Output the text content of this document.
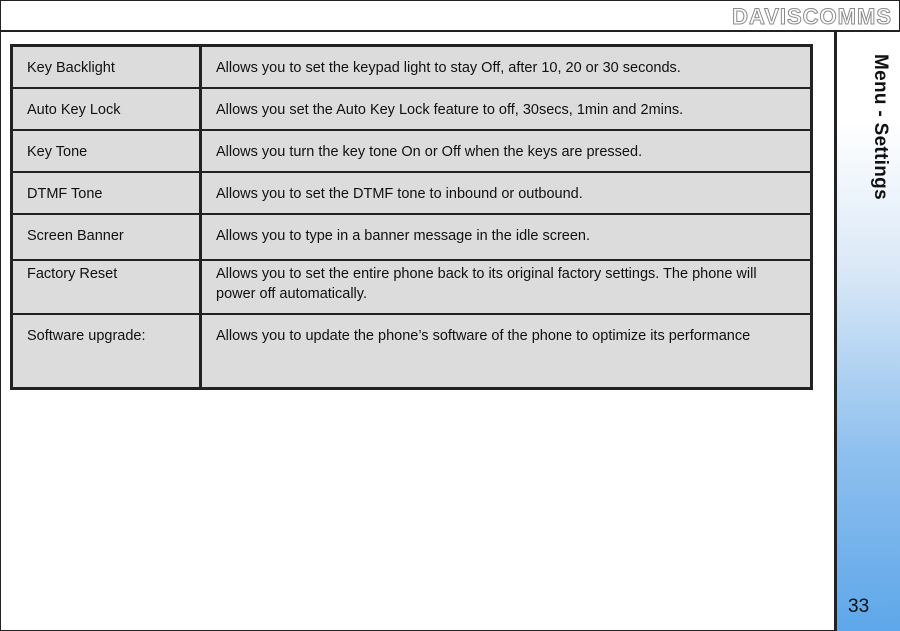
DAVISCOMMS
Menu - Settings
33
Key Backlight	Allows you to set the keypad light to stay Off, after 10, 20 or 30 seconds.
Auto Key Lock	Allows you set the Auto Key Lock feature to off, 30secs, 1min and 2mins.
Key Tone	Allows you turn the key tone On or Off when the keys are pressed.
DTMF Tone	Allows you to set the DTMF tone to inbound or outbound.
Screen Banner	Allows you to type in a banner message in the idle screen.
Factory Reset	Allows you to set the entire phone back to its original factory settings. The phone will power off automatically.
Software upgrade:	Allows you to update the phone’s software of the phone to optimize its performance
